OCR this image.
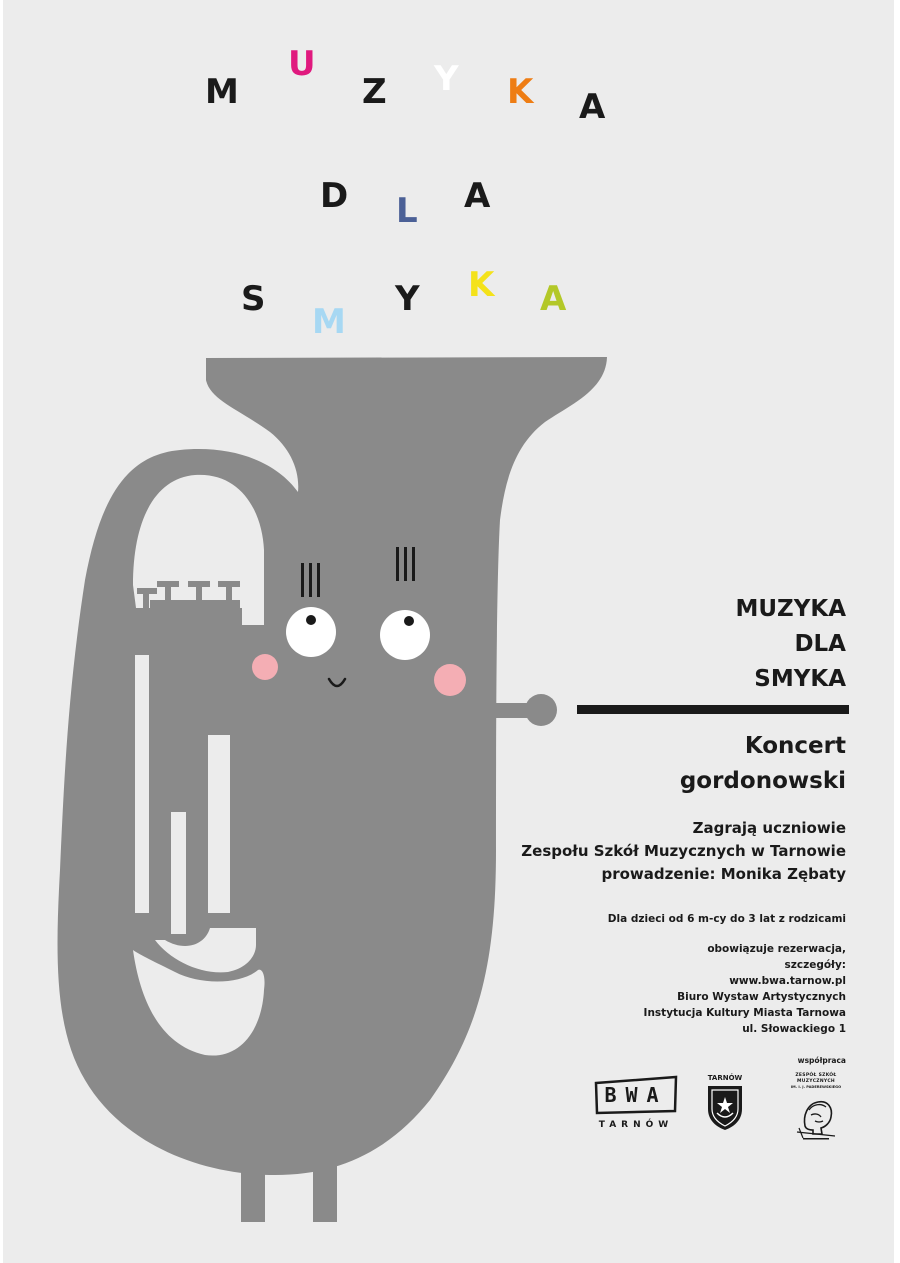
M
U
Z Y K A
D L A
S
M
Y K A
MUZYKA
DLA
SMYKA
Koncert
gordonowski
Zagrają uczniowie
Zespołu Szkół Muzycznych w Tarnowie
prowadzenie: Monika Zębaty
Dla dzieci od 6 m-cy do 3 lat z rodzicami
obowiązuje rezerwacja,
szczegóły:
www.bwa.tarnow.pl
Biuro Wystaw Artystycznych
Instytucja Kultury Miasta Tarnowa
ul. Słowackiego 1
współpraca
BWA
TARNÓW
TARNÓW	ZESPÓŁ SZKÓŁ MUZYCZNYCH
IM. I. J. PADEREWSKIEGO
